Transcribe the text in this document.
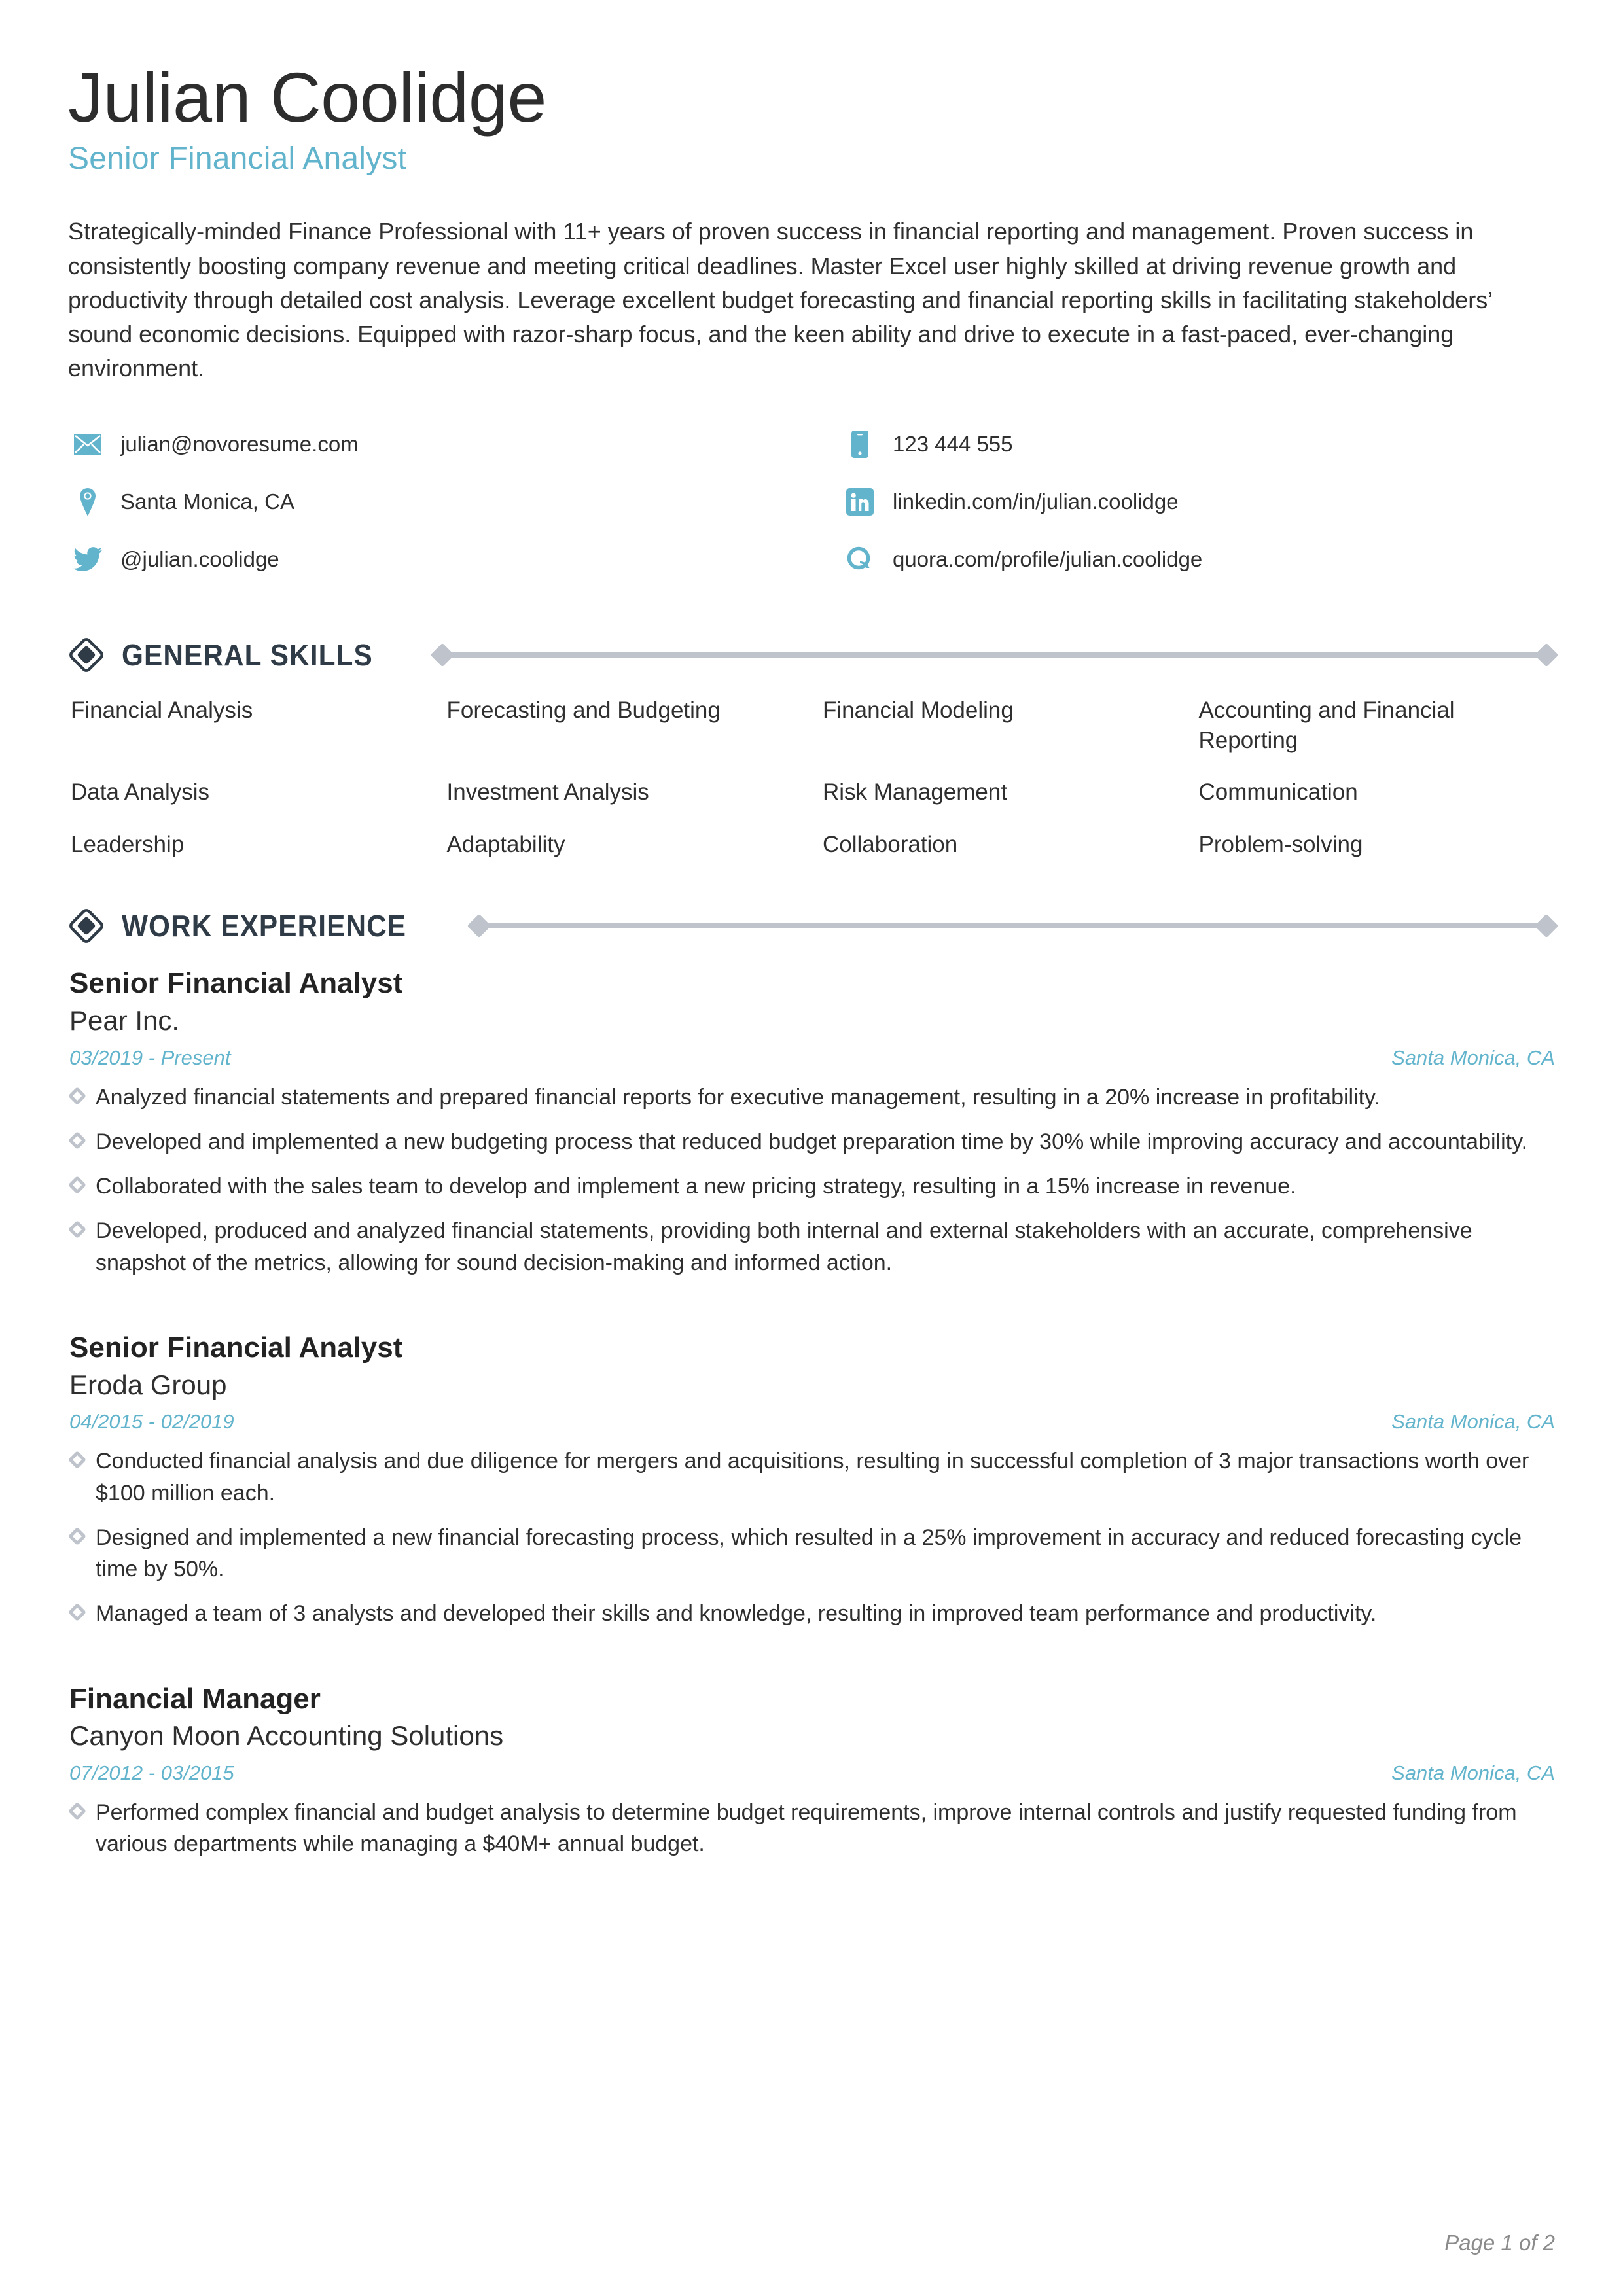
Julian Coolidge
Senior Financial Analyst

Strategically-minded Finance Professional with 11+ years of proven success in financial reporting and management. Proven success in consistently boosting company revenue and meeting critical deadlines. Master Excel user highly skilled at driving revenue growth and productivity through detailed cost analysis. Leverage excellent budget forecasting and financial reporting skills in facilitating stakeholders’ sound economic decisions. Equipped with razor-sharp focus, and the keen ability and drive to execute in a fast-paced, ever-changing environment.

julian@novoresume.com	123 444 555
Santa Monica, CA	linkedin.com/in/julian.coolidge
@julian.coolidge	quora.com/profile/julian.coolidge
GENERAL SKILLS
Financial Analysis	Forecasting and Budgeting	Financial Modeling	Accounting and Financial Reporting
Data Analysis	Investment Analysis	Risk Management	Communication
Leadership	Adaptability	Collaboration	Problem-solving
WORK EXPERIENCE
Senior Financial Analyst
Pear Inc.
03/2019 - Present	Santa Monica, CA
Analyzed financial statements and prepared financial reports for executive management, resulting in a 20% increase in profitability.
Developed and implemented a new budgeting process that reduced budget preparation time by 30% while improving accuracy and accountability.
Collaborated with the sales team to develop and implement a new pricing strategy, resulting in a 15% increase in revenue.
Developed, produced and analyzed financial statements, providing both internal and external stakeholders with an accurate, comprehensive snapshot of the metrics, allowing for sound decision-making and informed action.
Senior Financial Analyst
Eroda Group
04/2015 - 02/2019	Santa Monica, CA
Conducted financial analysis and due diligence for mergers and acquisitions, resulting in successful completion of 3 major transactions worth over $100 million each.
Designed and implemented a new financial forecasting process, which resulted in a 25% improvement in accuracy and reduced forecasting cycle time by 50%.
Managed a team of 3 analysts and developed their skills and knowledge, resulting in improved team performance and productivity.
Financial Manager
Canyon Moon Accounting Solutions
07/2012 - 03/2015	Santa Monica, CA
Performed complex financial and budget analysis to determine budget requirements, improve internal controls and justify requested funding from various departments while managing a $40M+ annual budget.
Page 1 of 2
